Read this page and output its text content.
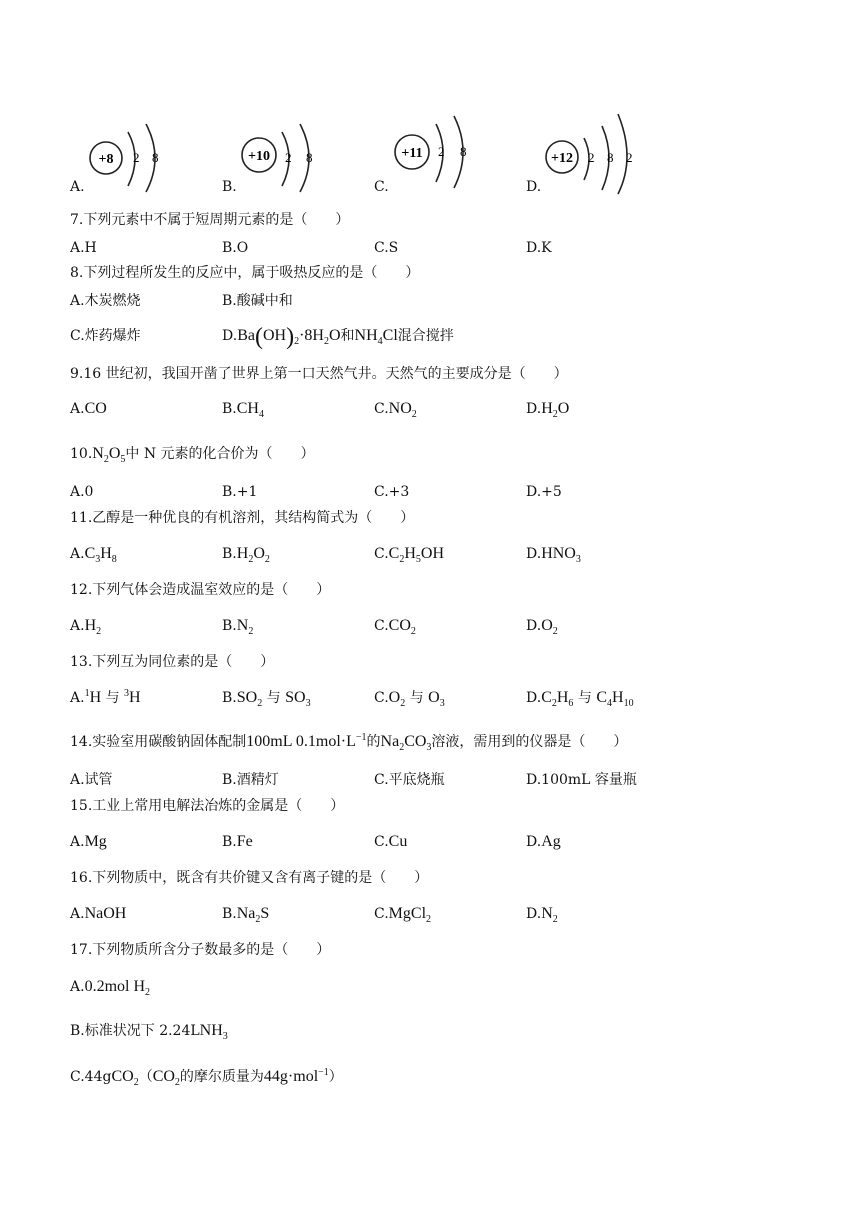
+8 2 8
A.
+10 2 8
B.
+11 2 8
C.
+12 2 8 2
D.
7.下列元素中不属于短周期元素的是（　　）
A.H	B.O	C.S	D.K
8.下列过程所发生的反应中，属于吸热反应的是（　　）
A.木炭燃烧	B.酸碱中和
C.炸药爆炸	$D.Ba(OH)_2\cdot 8H_2O$和$NH_4Cl$混合搅拌
9.16 世纪初，我国开凿了世界上第一口天然气井。天然气的主要成分是（　　）
A.CO	$B.CH_4$	$C.NO_2$	$D.H_2O$
$10.N_2O_5$中 N 元素的化合价为（　　）
A.0	B.+1	C.+3	D.+5
11.乙醇是一种优良的有机溶剂，其结构简式为（　　）
$A.C_3H_8$	$B.H_2O_2$	$C.C_2H_5OH$	$D.HNO_3$
12.下列气体会造成温室效应的是（　　）
$A.H_2$	$B.N_2$	$C.CO_2$	$D.O_2$
13.下列互为同位素的是（　　）
A.$^1$H 与 $^3$H	$B.SO_2$ 与 $SO_3$	$C.O_2$ 与 $O_3$	$D.C_2H_6$ 与 $C_4H_{10}$
14.实验室用碳酸钠固体配制100mL $0.1mol\cdot L^{-1}$的$Na_2CO_3$溶液，需用到的仪器是（　　）
A.试管	B.酒精灯	C.平底烧瓶	D.100mL 容量瓶
15.工业上常用电解法冶炼的金属是（　　）
A.Mg	B.Fe	C.Cu	D.Ag
16.下列物质中，既含有共价键又含有离子键的是（　　）
A.NaOH	$B.Na_2S$	C.MgCl$_2$	$D.N_2$
17.下列物质所含分子数最多的是（　　）
A.0.2mol $H_2$
B.标准状况下 $2.24LNH_3$
$C.44gCO_2(CO_2$的摩尔质量为44g·mol$^{-1}$）
